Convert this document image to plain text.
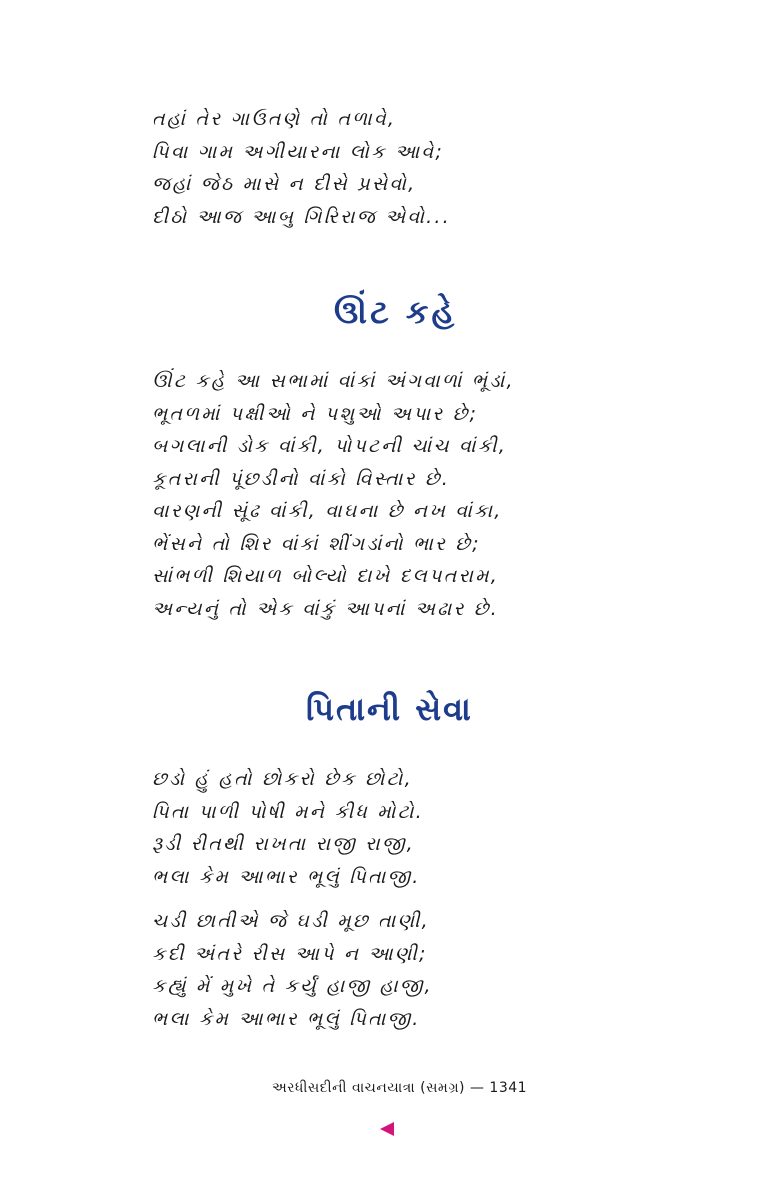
તહાં તેર ગાઉતણે તો તળાવે,
પિવા ગામ અગીયારના લોક આવે;
જહાં જેઠ માસે ન દીસે પ્રસેવો,
દીઠો આજ આબુ ગિરિરાજ એવો...
ઊંટ કહે
ઊંટ કહે આ સભામાં વાંકાં અંગવાળાં ભૂંડાં,
ભૂતળમાં પક્ષીઓ ને પશુઓ અપાર છે;
બગલાની ડોક વાંકી, પોપટની ચાંચ વાંકી,
કૂતરાની પૂંછડીનો વાંકો વિસ્તાર છે.
વારણની સૂંઢ વાંકી, વાઘના છે નખ વાંકા,
ભેંસને તો શિર વાંકાં શીંગડાંનો ભાર છે;
સાંભળી શિયાળ બોલ્યો દાખે દલપતરામ,
અન્યનું તો એક વાંકું આપનાં અઢાર છે.
પિતાની સેવા
છડો હું હતો છોકરો છેક છોટો,
પિતા પાળી પોષી મને કીધ મોટો.
રૂડી રીતથી રાખતા રાજી રાજી,
ભલા કેમ આભાર ભૂલું પિતાજી.
ચડી છાતીએ જે ઘડી મૂછ તાણી,
કદી અંતરે રીસ આપે ન આણી;
કહ્યું મેં મુખે તે કર્યું હાજી હાજી,
ભલા કેમ આભાર ભૂલું પિતાજી.
અરધીસદીની વાચનયાત્રા (સમગ્ર) — 1341
